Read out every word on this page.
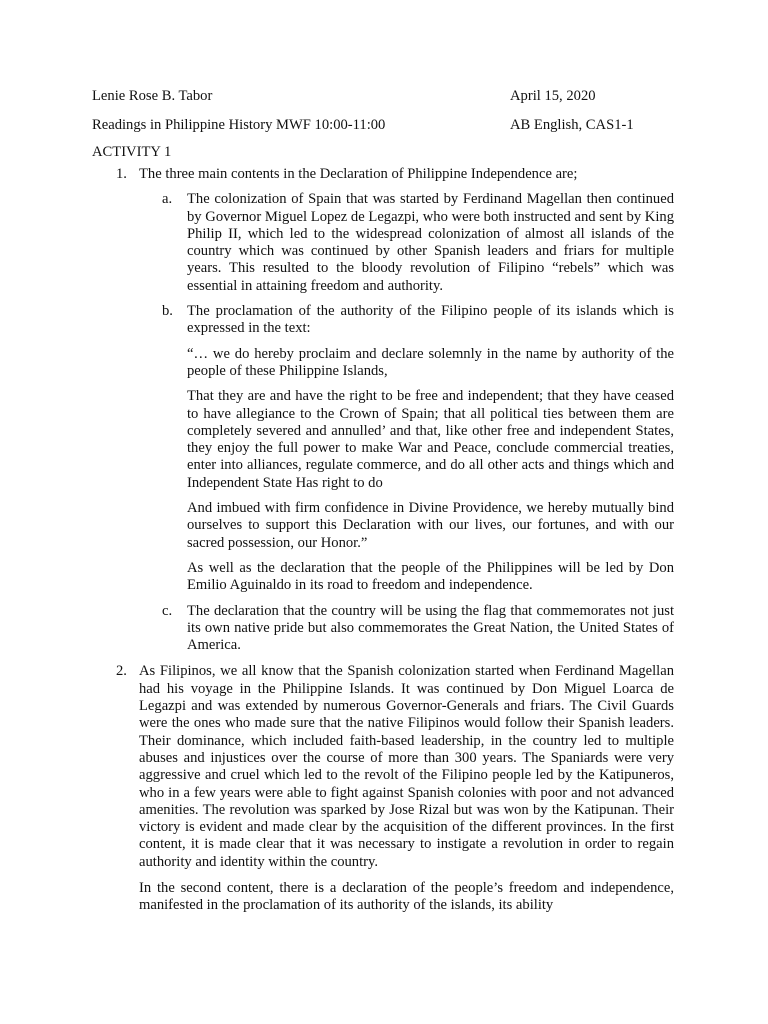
Lenie Rose B. Tabor	April 15, 2020
Readings in Philippine History MWF 10:00-11:00	AB English, CAS1-1
ACTIVITY 1
1. The three main contents in the Declaration of Philippine Independence are;

a. The colonization of Spain that was started by Ferdinand Magellan then continued by Governor Miguel Lopez de Legazpi, who were both instructed and sent by King Philip II, which led to the widespread colonization of almost all islands of the country which was continued by other Spanish leaders and friars for multiple years. This resulted to the bloody revolution of Filipino “rebels” which was essential in attaining freedom and authority.

b. The proclamation of the authority of the Filipino people of its islands which is expressed in the text:

“… we do hereby proclaim and declare solemnly in the name by authority of the people of these Philippine Islands,

That they are and have the right to be free and independent; that they have ceased to have allegiance to the Crown of Spain; that all political ties between them are completely severed and annulled’ and that, like other free and independent States, they enjoy the full power to make War and Peace, conclude commercial treaties, enter into alliances, regulate commerce, and do all other acts and things which and Independent State Has right to do

And imbued with firm confidence in Divine Providence, we hereby mutually bind ourselves to support this Declaration with our lives, our fortunes, and with our sacred possession, our Honor.”

As well as the declaration that the people of the Philippines will be led by Don Emilio Aguinaldo in its road to freedom and independence.

c. The declaration that the country will be using the flag that commemorates not just its own native pride but also commemorates the Great Nation, the United States of America.

2. As Filipinos, we all know that the Spanish colonization started when Ferdinand Magellan had his voyage in the Philippine Islands. It was continued by Don Miguel Loarca de Legazpi and was extended by numerous Governor-Generals and friars. The Civil Guards were the ones who made sure that the native Filipinos would follow their Spanish leaders. Their dominance, which included faith-based leadership, in the country led to multiple abuses and injustices over the course of more than 300 years. The Spaniards were very aggressive and cruel which led to the revolt of the Filipino people led by the Katipuneros, who in a few years were able to fight against Spanish colonies with poor and not advanced amenities. The revolution was sparked by Jose Rizal but was won by the Katipunan. Their victory is evident and made clear by the acquisition of the different provinces. In the first content, it is made clear that it was necessary to instigate a revolution in order to regain authority and identity within the country.

In the second content, there is a declaration of the people’s freedom and independence, manifested in the proclamation of its authority of the islands, its ability
